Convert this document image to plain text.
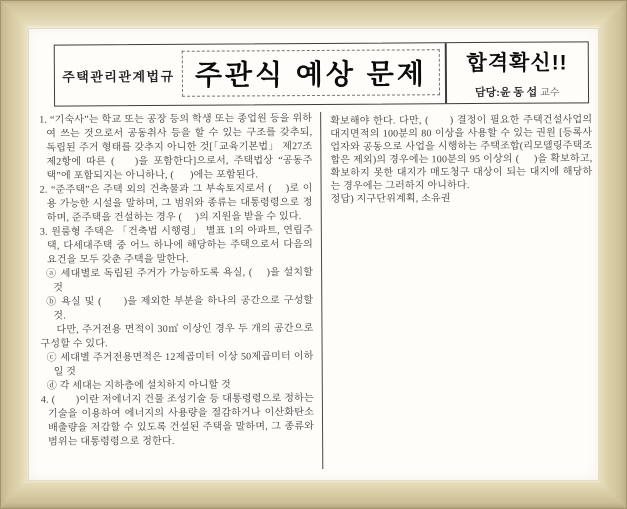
주택관리관계법규 주관식 예상 문제 합격확신!!
담당:윤 동 섭 교수

1. “기숙사”는 학교 또는 공장 등의 학생 또는 종업원 등을 위하여 쓰는 것으로서 공동취사 등을 할 수 있는 구조를 갖추되, 독립된 주거 형태를 갖추지 아니한 것[「교육기본법」 제27조 제2항에 따른 (    )을 포함한다]으로서, 주택법상 “공동주택”에 포함되지는 아니하나, (      )에는 포함된다.

2. “준주택”은 주택 외의 건축물과 그 부속토지로서 (    )로 이용 가능한 시설을 말하며, 그 범위와 종류는 대통령령으로 정하며, 준주택을 건설하는 경우 (     )의 지원을 받을 수 있다.

3. 원룸형 주택은 「건축법 시행령」 별표 1의 아파트, 연립주택, 다세대주택 중 어느 하나에 해당하는 주택으로서 다음의 요건을 모두 갖춘 주택을 말한다.

ⓐ 세대별로 독립된 주거가 가능하도록 욕실, (    )을 설치할 것

ⓑ 욕실 및 (      )을 제외한 부분을 하나의 공간으로 구성할 것.

다만, 주거전용 면적이 30㎡ 이상인 경우 두 개의 공간으로 구성할 수 있다.

ⓒ 세대별 주거전용면적은 12제곱미터 이상 50제곱미터 이하일 것

ⓓ 각 세대는 지하층에 설치하지 아니할 것

4. (       )이란 저에너지 건물 조성기술 등 대통령령으로 정하는 기술을 이용하여 에너지의 사용량을 절감하거나 이산화탄소 배출량을 저감할 수 있도록 건설된 주택을 말하며, 그 종류와 범위는 대통령령으로 정한다.

확보해야 한다. 다만, (      ) 결정이 필요한 주택건설사업의 대지면적의 100분의 80 이상을 사용할 수 있는 권원 [등록사업자와 공동으로 사업을 시행하는 주택조합(리모델링주택조합은 제외)의 경우에는 100분의 95 이상의 (     )을 확보하고, 확보하지 못한 대지가 매도청구 대상이 되는 대지에 해당하는 경우에는 그러하지 아니하다.

정답) 지구단위계획, 소유권
